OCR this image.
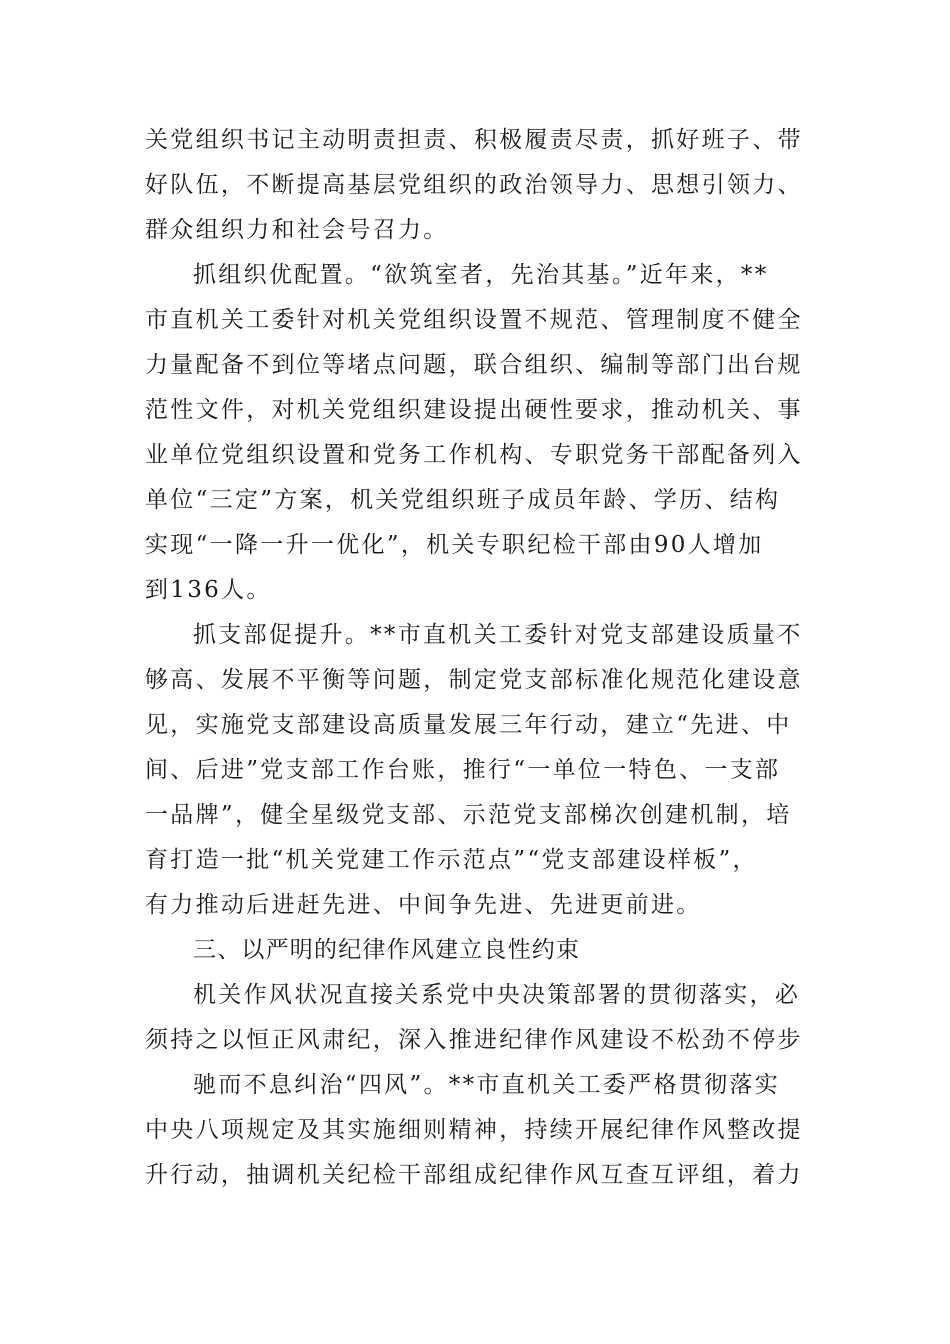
关党组织书记主动明责担责、积极履责尽责，抓好班子、带
好队伍，不断提高基层党组织的政治领导力、思想引领力、
群众组织力和社会号召力。
抓组织优配置。“欲筑室者，先治其基。”近年来，**
市直机关工委针对机关党组织设置不规范、管理制度不健全
力量配备不到位等堵点问题，联合组织、编制等部门出台规
范性文件，对机关党组织建设提出硬性要求，推动机关、事
业单位党组织设置和党务工作机构、专职党务干部配备列入
单位“三定”方案，机关党组织班子成员年龄、学历、结构
实现“一降一升一优化”，机关专职纪检干部由90人增加
到136人。
抓支部促提升。**市直机关工委针对党支部建设质量不
够高、发展不平衡等问题，制定党支部标准化规范化建设意
见，实施党支部建设高质量发展三年行动，建立“先进、中
间、后进”党支部工作台账，推行“一单位一特色、一支部
一品牌”，健全星级党支部、示范党支部梯次创建机制，培
育打造一批“机关党建工作示范点”“党支部建设样板”，
有力推动后进赶先进、中间争先进、先进更前进。
三、以严明的纪律作风建立良性约束
机关作风状况直接关系党中央决策部署的贯彻落实，必
须持之以恒正风肃纪，深入推进纪律作风建设不松劲不停步
驰而不息纠治“四风”。**市直机关工委严格贯彻落实
中央八项规定及其实施细则精神，持续开展纪律作风整改提
升行动，抽调机关纪检干部组成纪律作风互查互评组，着力
